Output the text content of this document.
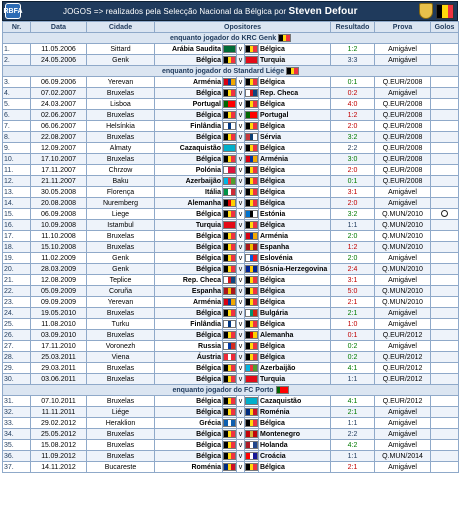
RBFA	JOGOS => realizados pela Selecção Nacional da Bélgica por Steven Defour
Nr.	Data	Cidade	Opositores					Resultado	Prova	Golos
enquanto jogador do KRC Genk										

1.	11.05.2006	Sittard	Arábia Saudita		v		Bélgica	1:2	Amigável	
2.	24.05.2006	Genk	Bélgica		v		Turquia	3:3	Amigável	
enquanto jogador do Standard Liége										

3.	06.09.2006	Yerevan	Arménia		v		Bélgica	0:1	Q.EUR/2008	
4.	07.02.2007	Bruxelas	Bélgica		v		Rep. Checa	0:2	Amigável	
5.	24.03.2007	Lisboa	Portugal		v		Bélgica	4:0	Q.EUR/2008	
6.	02.06.2007	Bruxelas	Bélgica		v		Portugal	1:2	Q.EUR/2008	
7.	06.06.2007	Helsínkia	Finlândia		v		Bélgica	2:0	Q.EUR/2008	
8.	22.08.2007	Bruxelas	Bélgica		v		Sérvia	3:2	Q.EUR/2008	
9.	12.09.2007	Almaty	Cazaquistão		v		Bélgica	2:2	Q.EUR/2008	
10.	17.10.2007	Bruxelas	Bélgica		v		Arménia	3:0	Q.EUR/2008	
11.	17.11.2007	Chrzow	Polónia		v		Bélgica	2:0	Q.EUR/2008	
12.	21.11.2007	Baku	Azerbaijão		v		Bélgica	0:1	Q.EUR/2008	
13.	30.05.2008	Florença	Itália		v		Bélgica	3:1	Amigável	
14.	20.08.2008	Nuremberg	Alemanha		v		Bélgica	2:0	Amigável	
15.	06.09.2008	Liege	Bélgica		v		Estónia	3:2	Q.MUN/2010	
16.	10.09.2008	Istambul	Turquia		v		Bélgica	1:1	Q.MUN/2010	
17.	11.10.2008	Bruxelas	Bélgica		v		Arménia	2:0	Q.MUN/2010	
18.	15.10.2008	Bruxelas	Bélgica		v		Espanha	1:2	Q.MUN/2010	
19.	11.02.2009	Genk	Bélgica		v		Eslovénia	2:0	Amigável	
20.	28.03.2009	Genk	Bélgica		v		Bósnia-Herzegovina	2:4	Q.MUN/2010	
21.	12.08.2009	Teplice	Rep. Checa		v		Bélgica	3:1	Amigável	
22.	05.09.2009	Coruña	Espanha		v		Bélgica	5:0	Q.MUN/2010	
23.	09.09.2009	Yerevan	Arménia		v		Bélgica	2:1	Q.MUN/2010	
24.	19.05.2010	Bruxelas	Bélgica		v		Bulgária	2:1	Amigável	
25.	11.08.2010	Turku	Finlândia		v		Bélgica	1:0	Amigável	
26.	03.09.2010	Bruxelas	Bélgica		v		Alemanha	0:1	Q.EUR/2012	
27.	17.11.2010	Voronezh	Russia		v		Bélgica	0:2	Amigável	
28.	25.03.2011	Viena	Áustria		v		Bélgica	0:2	Q.EUR/2012	
29.	29.03.2011	Bruxelas	Bélgica		v		Azerbaijão	4:1	Q.EUR/2012	
30.	03.06.2011	Bruxelas	Bélgica		v		Turquia	1:1	Q.EUR/2012	
enquanto jogador do FC Porto										

31.	07.10.2011	Bruxelas	Bélgica		v		Cazaquistão	4:1	Q.EUR/2012	
32.	11.11.2011	Liége	Bélgica		v		Roménia	2:1	Amigável	
33.	29.02.2012	Heraklion	Grécia		v		Bélgica	1:1	Amigável	
34.	25.05.2012	Bruxelas	Bélgica		v		Montenegro	2:2	Amigável	
35.	15.08.2012	Bruxelas	Bélgica		v		Holanda	4:2	Amigável	
36.	11.09.2012	Bruxelas	Bélgica		v		Croácia	1:1	Q.MUN/2014	
37.	14.11.2012	Bucareste	Roménia		v		Bélgica	2:1	Amigável	
